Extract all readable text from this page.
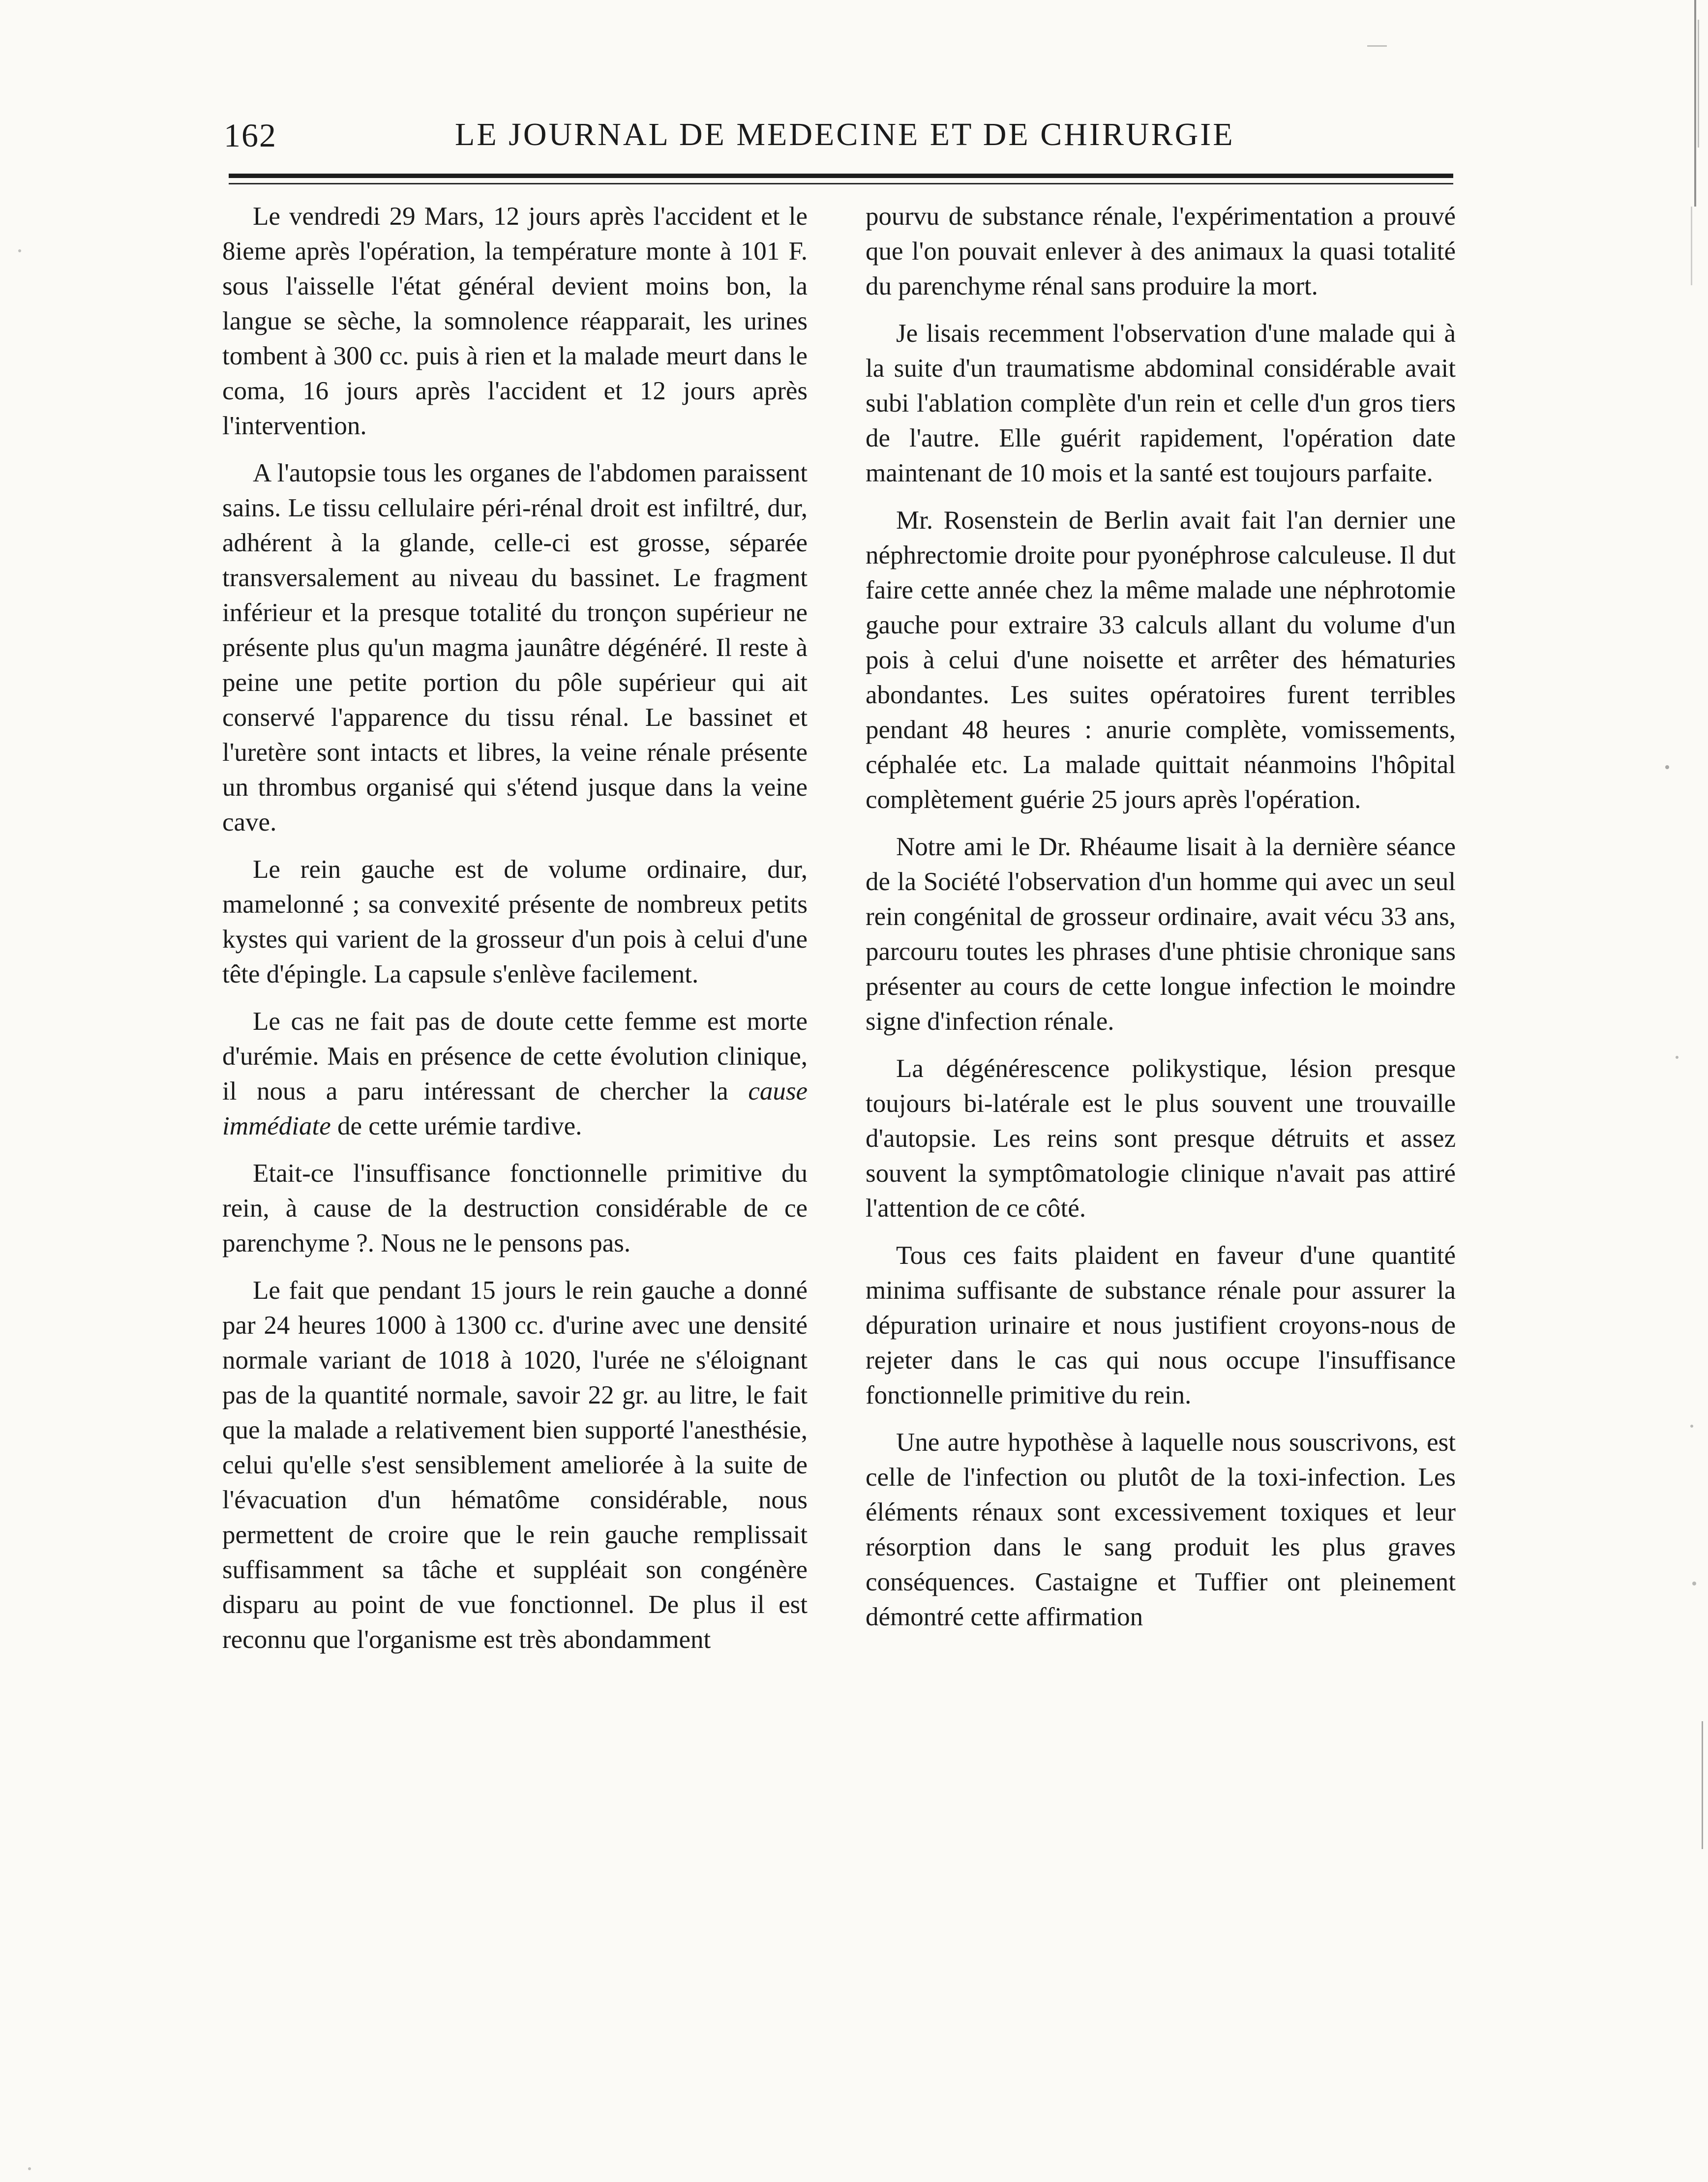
162	LE JOURNAL DE MEDECINE ET DE CHIRURGIE

Le vendredi 29 Mars, 12 jours après l'accident et le 8ieme après l'opération, la température monte à 101 F. sous l'aisselle l'état général devient moins bon, la langue se sèche, la somnolence réapparait, les urines tombent à 300 cc. puis à rien et la malade meurt dans le coma, 16 jours après l'accident et 12 jours après l'intervention.

A l'autopsie tous les organes de l'abdomen paraissent sains. Le tissu cellulaire péri-rénal droit est infiltré, dur, adhérent à la glande, celle-ci est grosse, séparée transversalement au niveau du bassinet. Le fragment inférieur et la presque totalité du tronçon supérieur ne présente plus qu'un magma jaunâtre dégénéré. Il reste à peine une petite portion du pôle supérieur qui ait conservé l'apparence du tissu rénal. Le bassinet et l'uretère sont intacts et libres, la veine rénale présente un thrombus organisé qui s'étend jusque dans la veine cave.

Le rein gauche est de volume ordinaire, dur, mamelonné ; sa convexité présente de nombreux petits kystes qui varient de la grosseur d'un pois à celui d'une tête d'épingle. La capsule s'enlève facilement.

Le cas ne fait pas de doute cette femme est morte d'urémie. Mais en présence de cette évolution clinique, il nous a paru intéressant de chercher la cause immédiate de cette urémie tardive.

Etait-ce l'insuffisance fonctionnelle primitive du rein, à cause de la destruction considérable de ce parenchyme ?. Nous ne le pensons pas.

Le fait que pendant 15 jours le rein gauche a donné par 24 heures 1000 à 1300 cc. d'urine avec une densité normale variant de 1018 à 1020, l'urée ne s'éloignant pas de la quantité normale, savoir 22 gr. au litre, le fait que la malade a relativement bien supporté l'anesthésie, celui qu'elle s'est sensiblement ameliorée à la suite de l'évacuation d'un hématôme considérable, nous permettent de croire que le rein gauche remplissait suffisamment sa tâche et suppléait son congénère disparu au point de vue fonctionnel. De plus il est reconnu que l'organisme est très abondamment

pourvu de substance rénale, l'expérimentation a prouvé que l'on pouvait enlever à des animaux la quasi totalité du parenchyme rénal sans produire la mort.

Je lisais recemment l'observation d'une malade qui à la suite d'un traumatisme abdominal considérable avait subi l'ablation complète d'un rein et celle d'un gros tiers de l'autre. Elle guérit rapidement, l'opération date maintenant de 10 mois et la santé est toujours parfaite.

Mr. Rosenstein de Berlin avait fait l'an dernier une néphrectomie droite pour pyonéphrose calculeuse. Il dut faire cette année chez la même malade une néphrotomie gauche pour extraire 33 calculs allant du volume d'un pois à celui d'une noisette et arrêter des hématuries abondantes. Les suites opératoires furent terribles pendant 48 heures : anurie complète, vomissements, céphalée etc. La malade quittait néanmoins l'hôpital complètement guérie 25 jours après l'opération.

Notre ami le Dr. Rhéaume lisait à la dernière séance de la Société l'observation d'un homme qui avec un seul rein congénital de grosseur ordinaire, avait vécu 33 ans, parcouru toutes les phrases d'une phtisie chronique sans présenter au cours de cette longue infection le moindre signe d'infection rénale.

La dégénérescence polikystique, lésion presque toujours bi-latérale est le plus souvent une trouvaille d'autopsie. Les reins sont presque détruits et assez souvent la symptômatologie clinique n'avait pas attiré l'attention de ce côté.

Tous ces faits plaident en faveur d'une quantité minima suffisante de substance rénale pour assurer la dépuration urinaire et nous justifient croyons-nous de rejeter dans le cas qui nous occupe l'insuffisance fonctionnelle primitive du rein.

Une autre hypothèse à laquelle nous souscrivons, est celle de l'infection ou plutôt de la toxi-infection. Les éléments rénaux sont excessivement toxiques et leur résorption dans le sang produit les plus graves conséquences. Castaigne et Tuffier ont pleinement démontré cette affirmation
